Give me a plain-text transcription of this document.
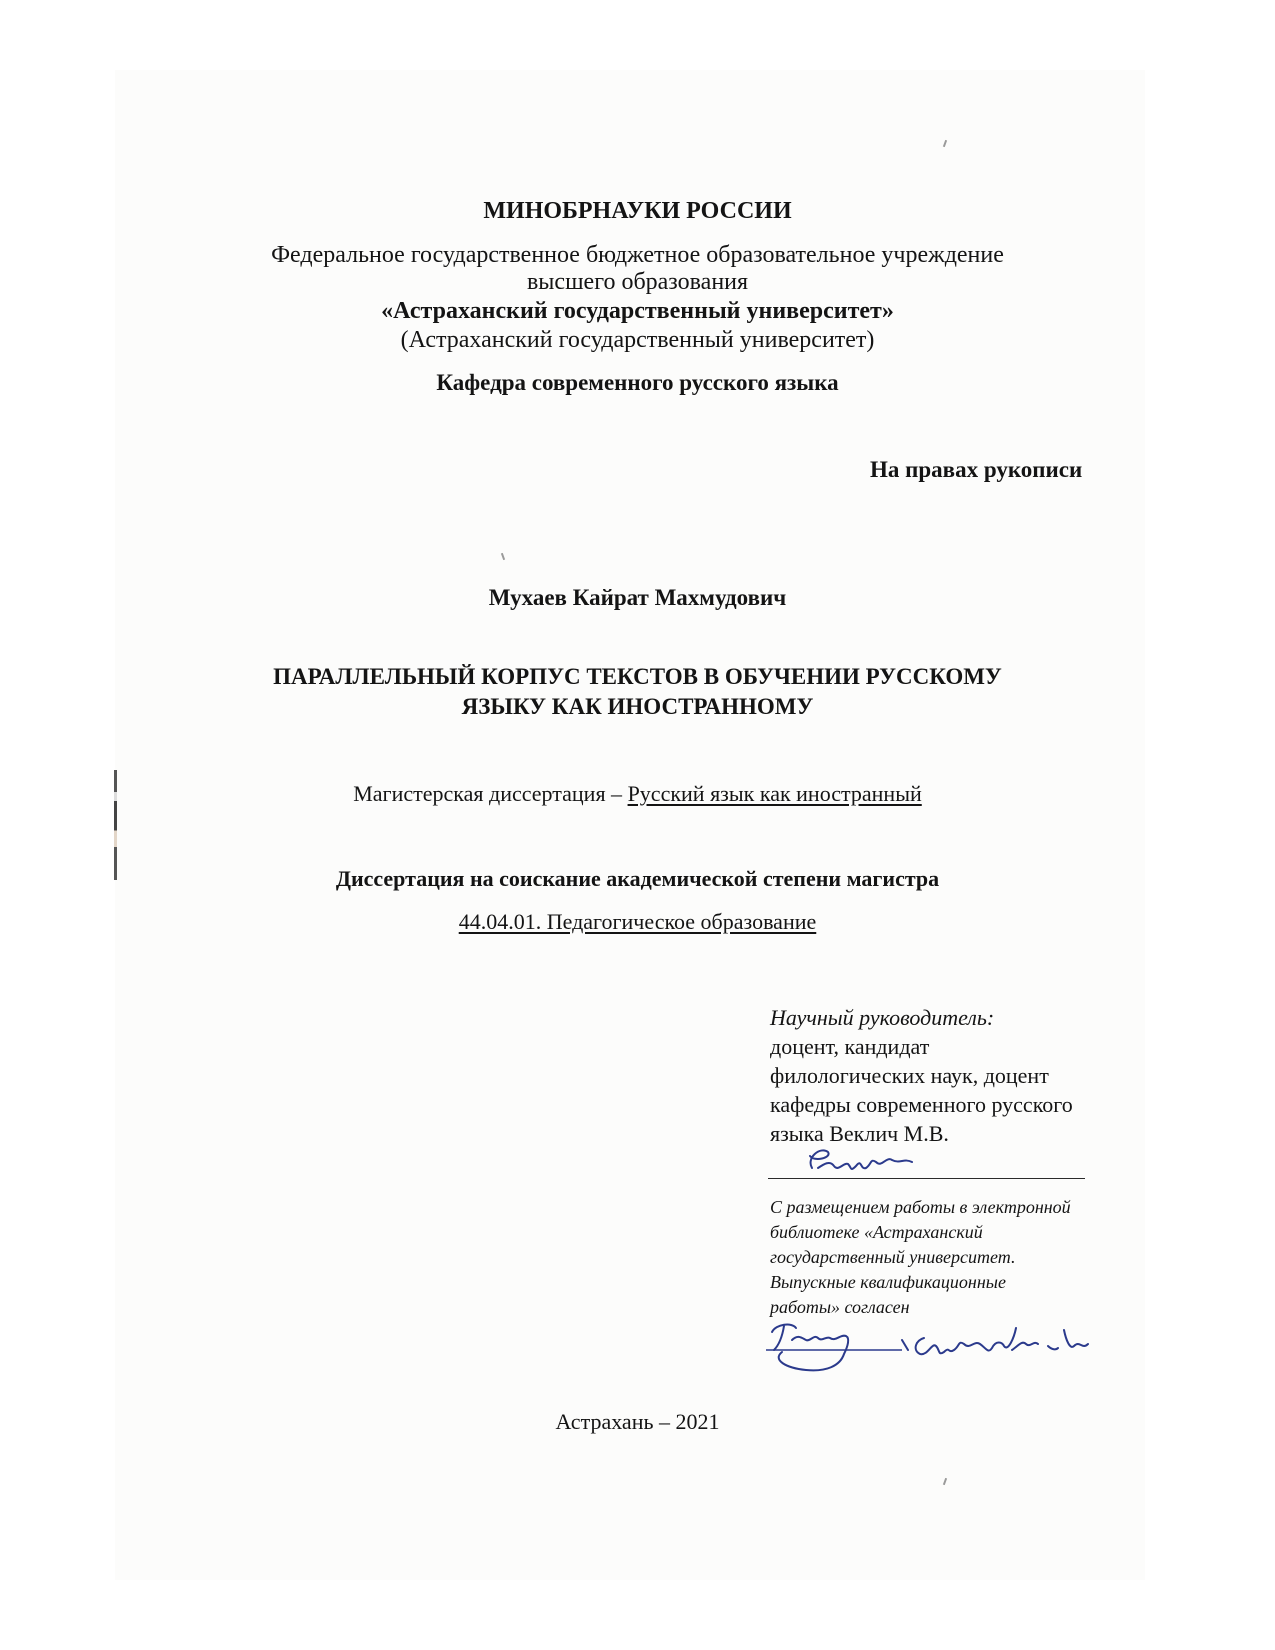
МИНОБРНАУКИ РОССИИ
Федеральное государственное бюджетное образовательное учреждение
высшего образования
«Астраханский государственный университет»
(Астраханский государственный университет)
Кафедра современного русского языка
На правах рукописи
Мухаев Кайрат Махмудович
ПАРАЛЛЕЛЬНЫЙ КОРПУС ТЕКСТОВ В ОБУЧЕНИИ РУССКОМУ
ЯЗЫКУ КАК ИНОСТРАННОМУ
Магистерская диссертация – Русский язык как иностранный
Диссертация на соискание академической степени магистра
44.04.01. Педагогическое образование
Научный руководитель:
доцент, кандидат
филологических наук, доцент
кафедры современного русского
языка Веклич М.В.
С размещением работы в электронной
библиотеке «Астраханский
государственный университет.
Выпускные квалификационные
работы» согласен
Астрахань – 2021
